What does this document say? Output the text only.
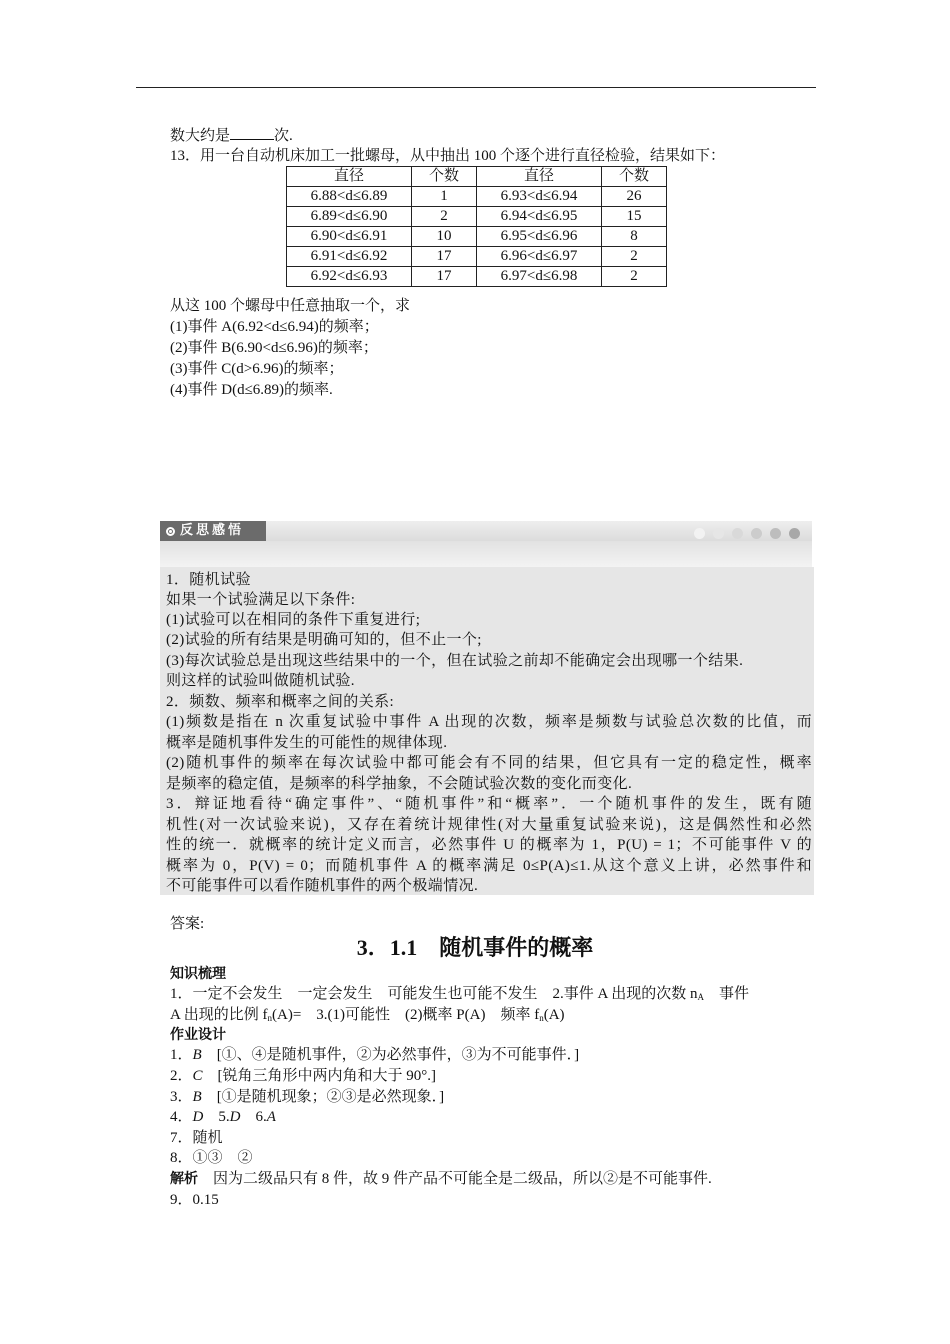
数大约是	次.
13．用一台自动机床加工一批螺母，从中抽出 100 个逐个进行直径检验，结果如下：
直径	个数	直径	个数
6.88<d≤6.89	1	6.93<d≤6.94	26
6.89<d≤6.90	2	6.94<d≤6.95	15
6.90<d≤6.91	10	6.95<d≤6.96	8
6.91<d≤6.92	17	6.96<d≤6.97	2
6.92<d≤6.93	17	6.97<d≤6.98	2
从这 100 个螺母中任意抽取一个，求
(1)事件 A(6.92<d≤6.94)的频率；
(2)事件 B(6.90<d≤6.96)的频率；
(3)事件 C(d>6.96)的频率；
(4)事件 D(d≤6.89)的频率.
反思感悟
1．随机试验
如果一个试验满足以下条件:
(1)试验可以在相同的条件下重复进行;
(2)试验的所有结果是明确可知的，但不止一个;
(3)每次试验总是出现这些结果中的一个，但在试验之前却不能确定会出现哪一个结果.
则这样的试验叫做随机试验.
2．频数、频率和概率之间的关系:
(1)频数是指在 n 次重复试验中事件 A 出现的次数，频率是频数与试验总次数的比值，而
概率是随机事件发生的可能性的规律体现.
(2)随机事件的频率在每次试验中都可能会有不同的结果，但它具有一定的稳定性，概率
是频率的稳定值，是频率的科学抽象，不会随试验次数的变化而变化.
3．辩证地看待“确定事件”、“随机事件”和“概率”．一个随机事件的发生，既有随
机性(对一次试验来说)，又存在着统计规律性(对大量重复试验来说)，这是偶然性和必然
性的统一．就概率的统计定义而言，必然事件 U 的概率为 1，P(U) = 1；不可能事件 V 的
概率为 0，P(V) = 0；而随机事件 A 的概率满足 0≤P(A)≤1.从这个意义上讲，必然事件和
不可能事件可以看作随机事件的两个极端情况.
答案:
3．1.1　 随机事件的概率
知识梳理
1．一定不会发生　一定会发生　可能发生也可能不发生　2.事件 A 出现的次数 $n_A$　事件
A 出现的比例 $f_n(A)=$　3.(1)可能性　(2)概率 P(A)　频率 $f_n(A)$
作业设计
1．B　[①、④是随机事件，②为必然事件，③为不可能事件．]
2．C　[锐角三角形中两内角和大于 90°.]
3．B　[①是随机现象；②③是必然现象．]
4．D　5.D　6.A
7．随机
8．①③　②
解析　因为二级品只有 8 件，故 9 件产品不可能全是二级品，所以②是不可能事件.
9．0.15
